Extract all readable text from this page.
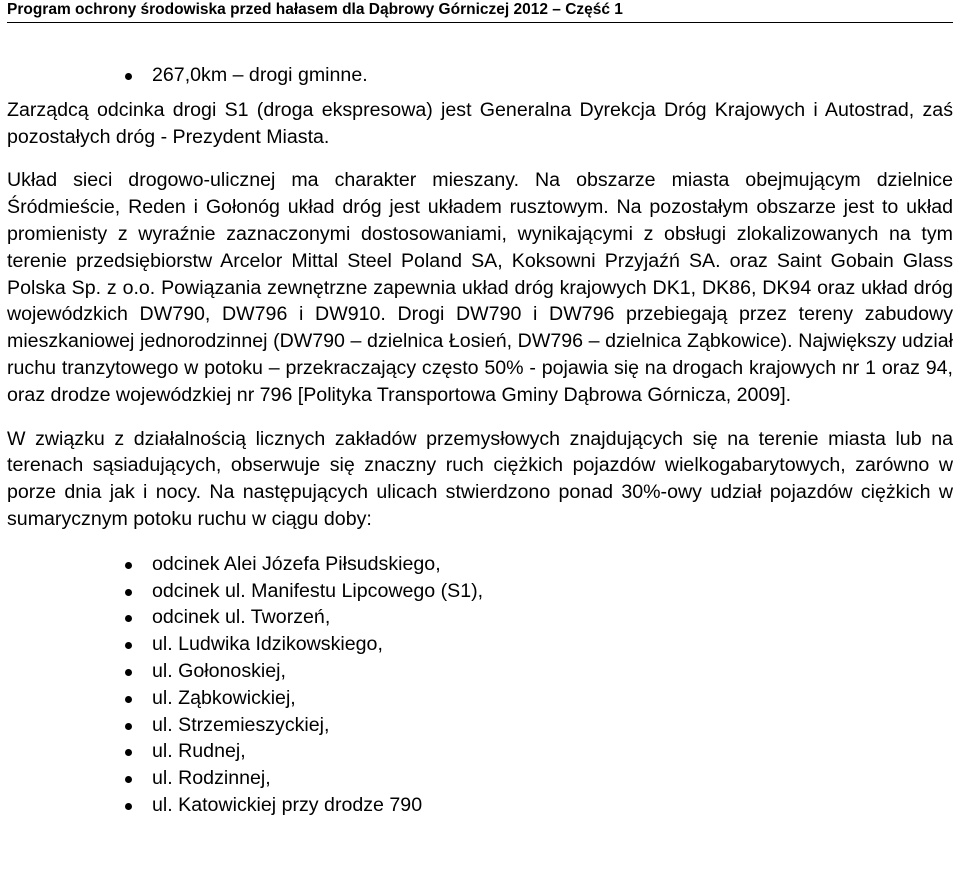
Program ochrony środowiska przed hałasem dla Dąbrowy Górniczej 2012 – Część 1
267,0km – drogi gminne.

Zarządcą odcinka drogi S1 (droga ekspresowa) jest Generalna Dyrekcja Dróg Krajowych i Autostrad, zaś pozostałych dróg - Prezydent Miasta.

Układ sieci drogowo-ulicznej ma charakter mieszany. Na obszarze miasta obejmującym dzielnice Śródmieście, Reden i Gołonóg układ dróg jest układem rusztowym. Na pozostałym obszarze jest to układ promienisty z wyraźnie zaznaczonymi dostosowaniami, wynikającymi z obsługi zlokalizowanych na tym terenie przedsiębiorstw Arcelor Mittal Steel Poland SA, Koksowni Przyjaźń SA. oraz Saint Gobain Glass Polska Sp. z o.o. Powiązania zewnętrzne zapewnia układ dróg krajowych DK1, DK86, DK94 oraz układ dróg wojewódzkich DW790, DW796 i DW910. Drogi DW790 i DW796 przebiegają przez tereny zabudowy mieszkaniowej jednorodzinnej (DW790 – dzielnica Łosień, DW796 – dzielnica Ząbkowice). Największy udział ruchu tranzytowego w potoku – przekraczający często 50% - pojawia się na drogach krajowych nr 1 oraz 94, oraz drodze wojewódzkiej nr 796 [Polityka Transportowa Gminy Dąbrowa Górnicza, 2009].

W związku z działalnością licznych zakładów przemysłowych znajdujących się na terenie miasta lub na terenach sąsiadujących, obserwuje się znaczny ruch ciężkich pojazdów wielkogabarytowych, zarówno w porze dnia jak i nocy. Na następujących ulicach stwierdzono ponad 30%-owy udział pojazdów ciężkich w sumarycznym potoku ruchu w ciągu doby:

odcinek Alei Józefa Piłsudskiego,
odcinek ul. Manifestu Lipcowego (S1),
odcinek ul. Tworzeń,
ul. Ludwika Idzikowskiego,
ul. Gołonoskiej,
ul. Ząbkowickiej,
ul. Strzemieszyckiej,
ul. Rudnej,
ul. Rodzinnej,
ul. Katowickiej przy drodze 790
